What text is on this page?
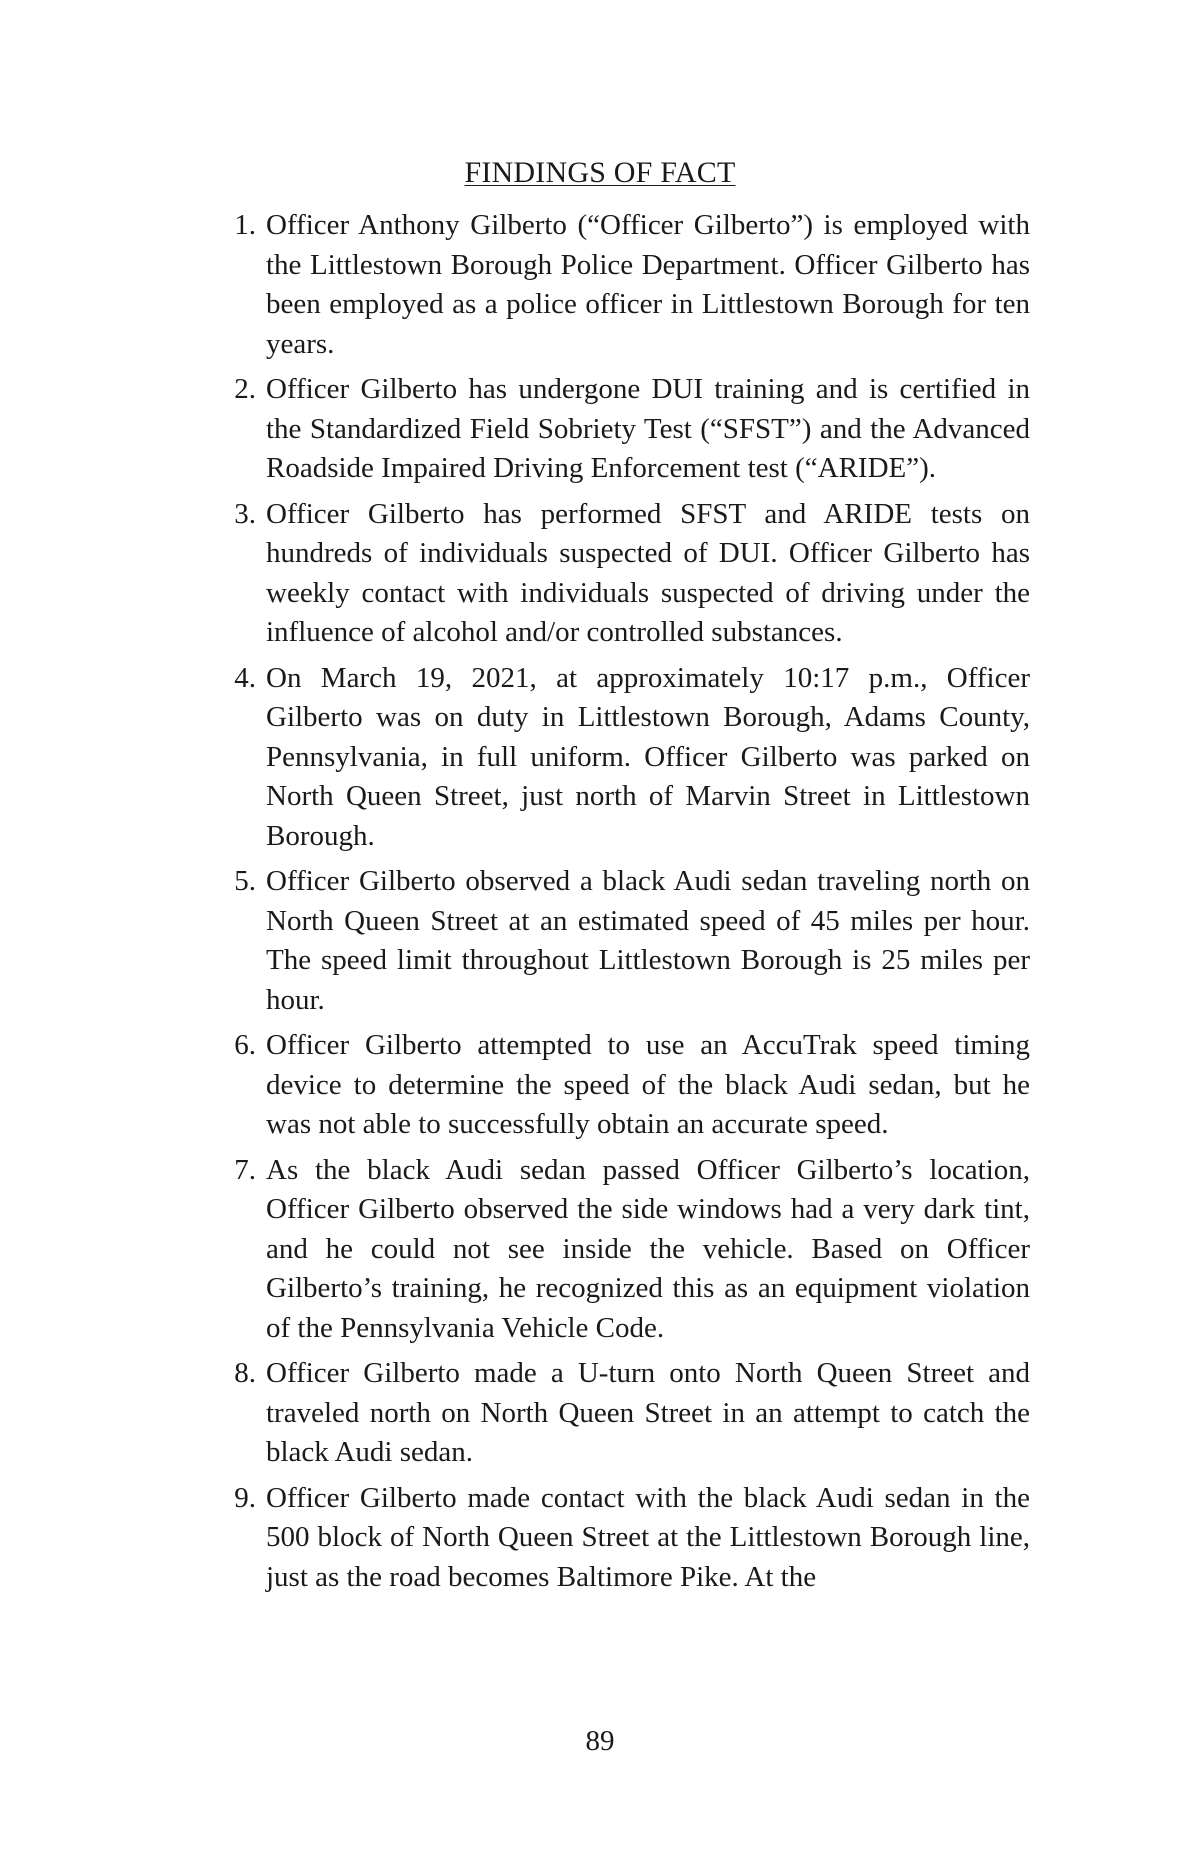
FINDINGS OF FACT
1. Officer Anthony Gilberto (“Officer Gilberto”) is employed with the Littlestown Borough Police Department. Officer Gilberto has been employed as a police officer in Littlestown Borough for ten years.
2. Officer Gilberto has undergone DUI training and is certified in the Standardized Field Sobriety Test (“SFST”) and the Advanced Roadside Impaired Driving Enforcement test (“ARIDE”).
3. Officer Gilberto has performed SFST and ARIDE tests on hundreds of individuals suspected of DUI. Officer Gilberto has weekly contact with individuals suspected of driving under the influence of alcohol and/or controlled substances.
4. On March 19, 2021, at approximately 10:17 p.m., Officer Gilberto was on duty in Littlestown Borough, Adams County, Pennsylvania, in full uniform. Officer Gilberto was parked on North Queen Street, just north of Marvin Street in Littlestown Borough.
5. Officer Gilberto observed a black Audi sedan traveling north on North Queen Street at an estimated speed of 45 miles per hour. The speed limit throughout Littlestown Borough is 25 miles per hour.
6. Officer Gilberto attempted to use an AccuTrak speed timing device to determine the speed of the black Audi sedan, but he was not able to successfully obtain an accurate speed.
7. As the black Audi sedan passed Officer Gilberto’s location, Officer Gilberto observed the side windows had a very dark tint, and he could not see inside the vehicle. Based on Officer Gilberto’s training, he recognized this as an equipment violation of the Pennsylvania Vehicle Code.
8. Officer Gilberto made a U-turn onto North Queen Street and traveled north on North Queen Street in an attempt to catch the black Audi sedan.
9. Officer Gilberto made contact with the black Audi sedan in the 500 block of North Queen Street at the Littlestown Borough line, just as the road becomes Baltimore Pike. At the
89
